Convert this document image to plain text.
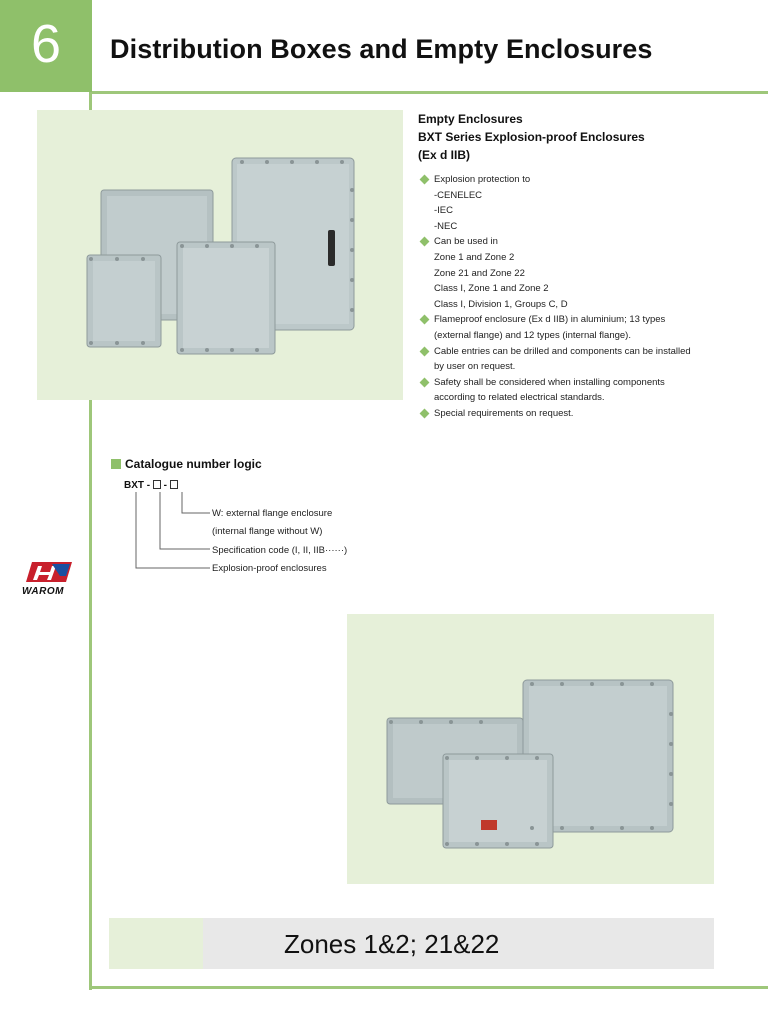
6	Distribution Boxes and Empty Enclosures
Empty Enclosures
BXT Series Explosion-proof Enclosures
(Ex d IIB)
Explosion protection to
-CENELEC
-IEC
-NEC
Can be used in
Zone 1 and Zone 2
Zone 21 and Zone 22
Class I, Zone 1 and Zone 2
Class I, Division 1, Groups C, D
Flameproof enclosure (Ex d IIB) in aluminium; 13 types
(external flange) and 12 types (internal flange).
Cable entries can be drilled and components can be installed
by user on request.
Safety shall be considered when installing components
according to related electrical standards.
Special requirements on request.
Catalogue number logic
BXT - -
W: external flange enclosure
(internal flange without W)
Specification code (I, II, IIB······)
Explosion-proof enclosures
WAROM
Zones 1&2; 21&22
